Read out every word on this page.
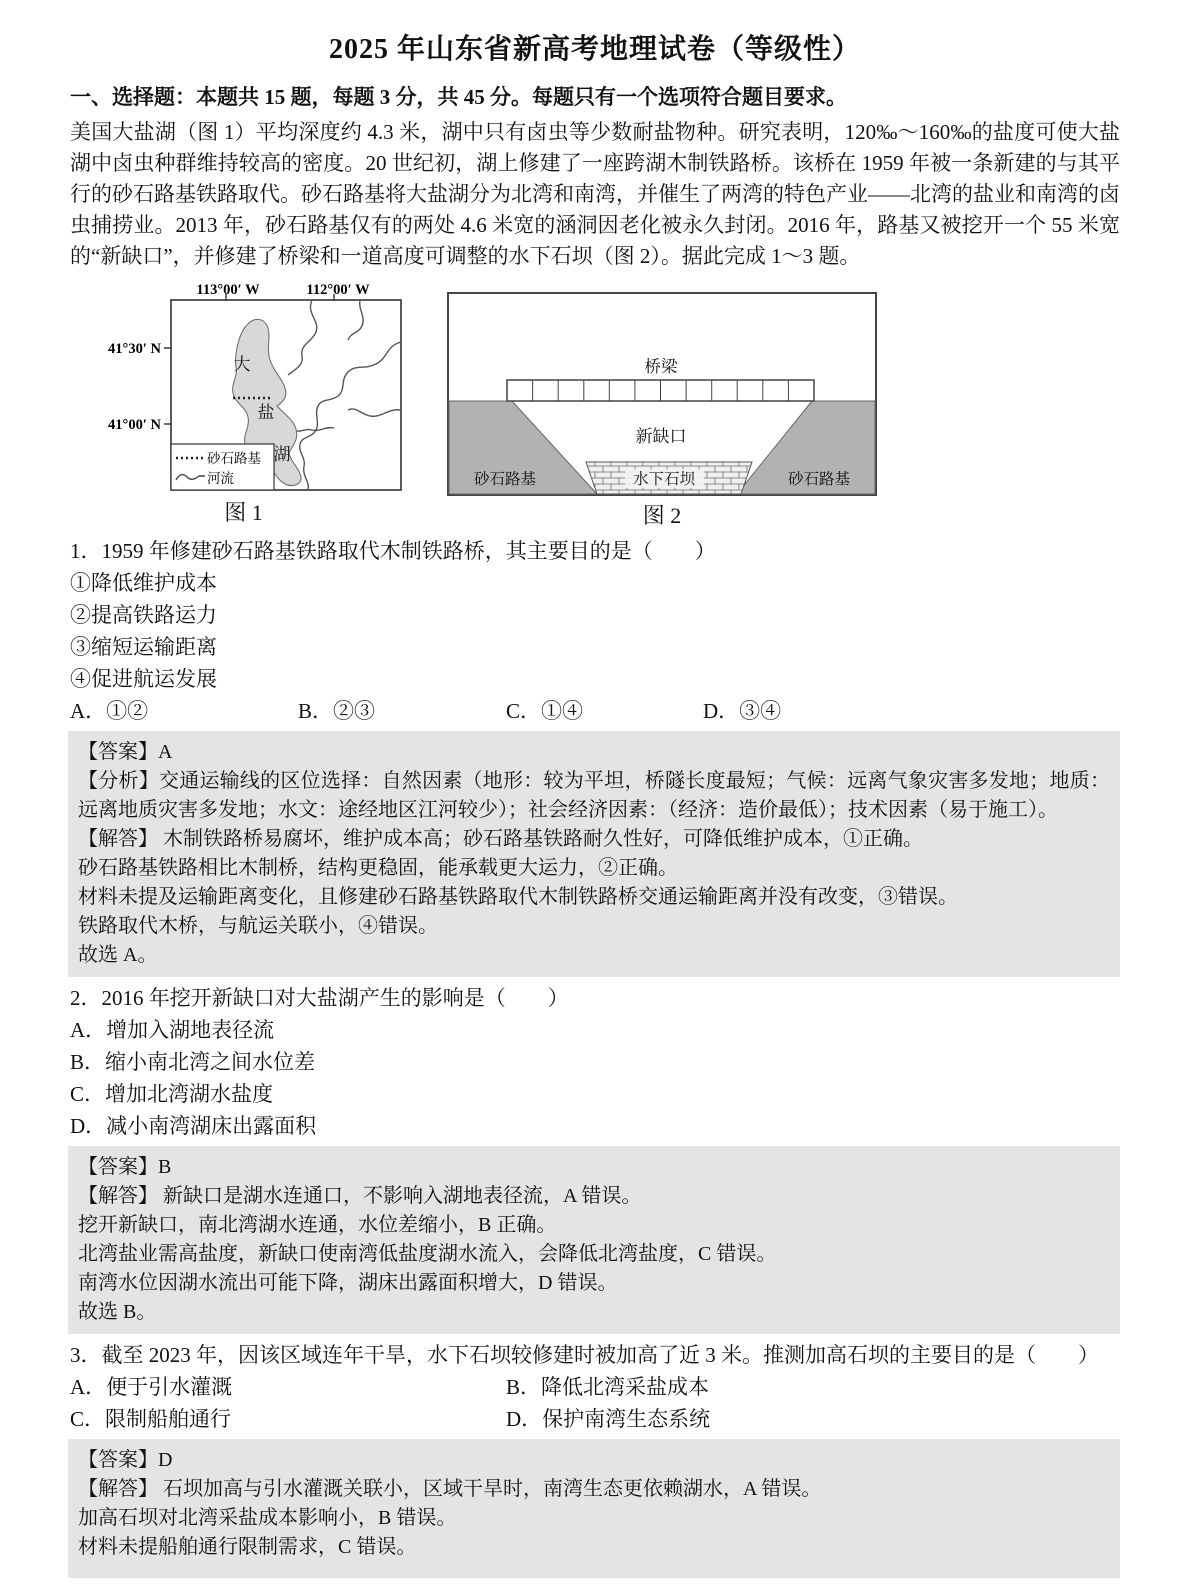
2025 年山东省新高考地理试卷（等级性）
一、选择题：本题共 15 题，每题 3 分，共 45 分。每题只有一个选项符合题目要求。
美国大盐湖（图 1）平均深度约 4.3 米，湖中只有卤虫等少数耐盐物种。研究表明，120‰～160‰的盐度可使大盐湖中卤虫种群维持较高的密度。20 世纪初，湖上修建了一座跨湖木制铁路桥。该桥在 1959 年被一条新建的与其平行的砂石路基铁路取代。砂石路基将大盐湖分为北湾和南湾，并催生了两湾的特色产业——北湾的盐业和南湾的卤虫捕捞业。2013 年，砂石路基仅有的两处 4.6 米宽的涵洞因老化被永久封闭。2016 年，路基又被挖开一个 55 米宽的“新缺口”，并修建了桥梁和一道高度可调整的水下石坝（图 2）。据此完成 1～3 题。
113°00′ W	112°00′ W
41°30′ N
41°00′ N
大
盐
湖
砂石路基
河流
图 1
桥梁
新缺口
水下石坝
砂石路基	砂石路基
图 2
1．1959 年修建砂石路基铁路取代木制铁路桥，其主要目的是（　　）
①降低维护成本
②提高铁路运力
③缩短运输距离
④促进航运发展
A．①②	B．②③	C．①④	D．③④
【答案】A
【分析】交通运输线的区位选择：自然因素（地形：较为平坦，桥隧长度最短；气候：远离气象灾害多发地；地质：远离地质灾害多发地；水文：途经地区江河较少）；社会经济因素：（经济：造价最低）；技术因素（易于施工）。
【解答】 木制铁路桥易腐坏，维护成本高；砂石路基铁路耐久性好，可降低维护成本，①正确。
砂石路基铁路相比木制桥，结构更稳固，能承载更大运力，②正确。
材料未提及运输距离变化，且修建砂石路基铁路取代木制铁路桥交通运输距离并没有改变，③错误。
铁路取代木桥，与航运关联小，④错误。
故选 A。
2．2016 年挖开新缺口对大盐湖产生的影响是（　　）
A．增加入湖地表径流
B．缩小南北湾之间水位差
C．增加北湾湖水盐度
D．减小南湾湖床出露面积
【答案】B
【解答】 新缺口是湖水连通口，不影响入湖地表径流，A 错误。
挖开新缺口，南北湾湖水连通，水位差缩小，B 正确。
北湾盐业需高盐度，新缺口使南湾低盐度湖水流入，会降低北湾盐度，C 错误。
南湾水位因湖水流出可能下降，湖床出露面积增大，D 错误。
故选 B。
3．截至 2023 年，因该区域连年干旱，水下石坝较修建时被加高了近 3 米。推测加高石坝的主要目的是（　　）
A．便于引水灌溉	B．降低北湾采盐成本
C．限制船舶通行	D．保护南湾生态系统
【答案】D
【解答】 石坝加高与引水灌溉关联小，区域干旱时，南湾生态更依赖湖水，A 错误。
加高石坝对北湾采盐成本影响小，B 错误。
材料未提船舶通行限制需求，C 错误。
